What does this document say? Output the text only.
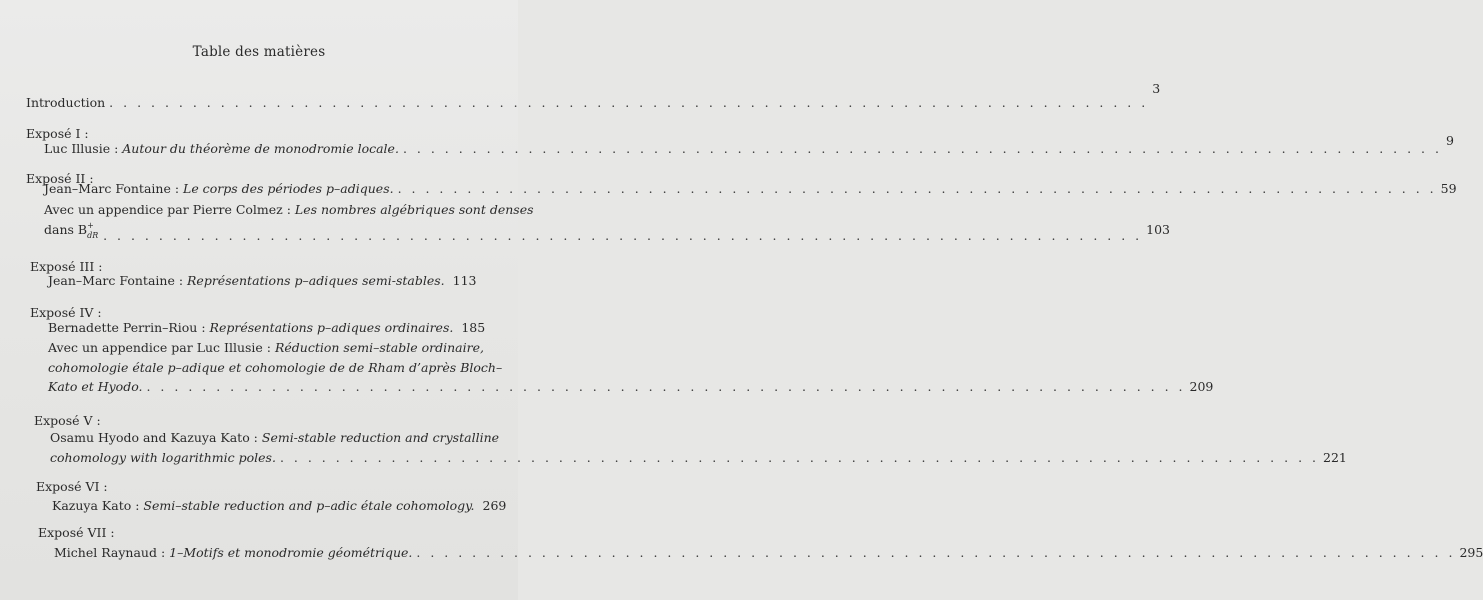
Table des matières
Introduction . . . . . . . . . . . . . . . . . . . . . . . . . . . . . . . . . . . . . . . . . . . . . . . . . . . . . . . . . . . . . . . . . . . . . . . . . . .
3
Exposé I :
Luc Illusie : Autour du théorème de monodromie locale. . . . . . . . . . . . . . . . . . . . . . . . . . . . . . . . . . . . . . . . . . . . . . . . . . . . . . . . . . . . . . . . . . . . . . . . . . . .
9
Exposé II :
Jean–Marc Fontaine : Le corps des périodes p–adiques. . . . . . . . . . . . . . . . . . . . . . . . . . . . . . . . . . . . . . . . . . . . . . . . . . . . . . . . . . . . . . . . . . . . . . . . . . . . 59
Avec un appendice par Pierre Colmez : Les nombres algébriques sont denses
dans B +
dR . . . . . . . . . . . . . . . . . . . . . . . . . . . . . . . . . . . . . . . . . . . . . . . . . . . . . . . . . . . . . . . . . . . . . . . . . . . 103
Exposé III :
Jean–Marc Fontaine : Représentations p–adiques semi-stables. 113
Exposé IV :
Bernadette Perrin–Riou : Représentations p–adiques ordinaires. 185
Avec un appendice par Luc Illusie : Réduction semi–stable ordinaire,
cohomologie étale p–adique et cohomologie de de Rham d’après Bloch–
Kato et Hyodo. . . . . . . . . . . . . . . . . . . . . . . . . . . . . . . . . . . . . . . . . . . . . . . . . . . . . . . . . . . . . . . . . . . . . . . . . . . . 209
Exposé V :
Osamu Hyodo and Kazuya Kato : Semi-stable reduction and crystalline
cohomology with logarithmic poles. . . . . . . . . . . . . . . . . . . . . . . . . . . . . . . . . . . . . . . . . . . . . . . . . . . . . . . . . . . . . . . . . . . . . . . . . . . . 221
Exposé VI :
Kazuya Kato : Semi–stable reduction and p–adic étale cohomology. 269
Exposé VII :
Michel Raynaud : 1–Motifs et monodromie géométrique. . . . . . . . . . . . . . . . . . . . . . . . . . . . . . . . . . . . . . . . . . . . . . . . . . . . . . . . . . . . . . . . . . . . . . . . . . . . 295
